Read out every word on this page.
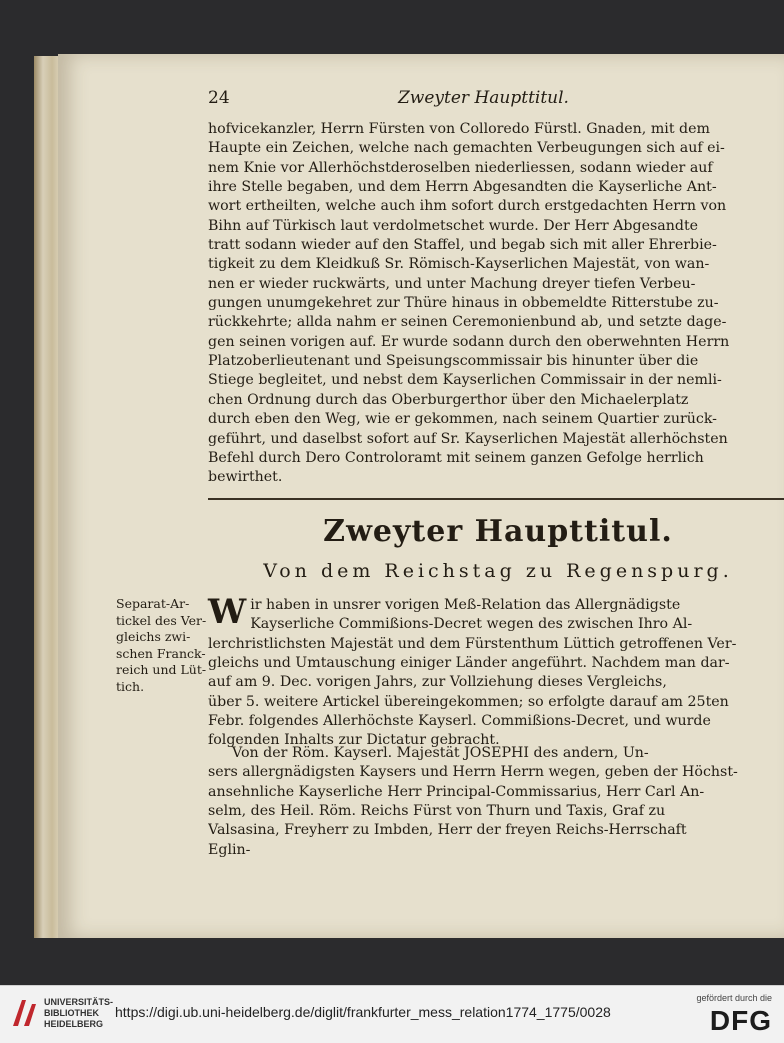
24	Zweyter Haupttitul.
hofvicekanzler, Herrn Fürsten von Colloredo Fürstl. Gnaden, mit dem
Haupte ein Zeichen, welche nach gemachten Verbeugungen sich auf ei-
nem Knie vor Allerhöchstderoselben niederliessen, sodann wieder auf
ihre Stelle begaben, und dem Herrn Abgesandten die Kayserliche Ant-
wort ertheilten, welche auch ihm sofort durch erstgedachten Herrn von
Bihn auf Türkisch laut verdolmetschet wurde. Der Herr Abgesandte
tratt sodann wieder auf den Staffel, und begab sich mit aller Ehrerbie-
tigkeit zu dem Kleidkuß Sr. Römisch-Kayserlichen Majestät, von wan-
nen er wieder ruckwärts, und unter Machung dreyer tiefen Verbeu-
gungen unumgekehret zur Thüre hinaus in obbemeldte Ritterstube zu-
rückkehrte; allda nahm er seinen Ceremonienbund ab, und setzte dage-
gen seinen vorigen auf. Er wurde sodann durch den oberwehnten Herrn
Platzoberlieutenant und Speisungscommissair bis hinunter über die
Stiege begleitet, und nebst dem Kayserlichen Commissair in der nemli-
chen Ordnung durch das Oberburgerthor über den Michaelerplatz
durch eben den Weg, wie er gekommen, nach seinem Quartier zurück-
geführt, und daselbst sofort auf Sr. Kayserlichen Majestät allerhöchsten
Befehl durch Dero Controloramt mit seinem ganzen Gefolge herrlich
bewirthet.
Zweyter Haupttitul.
Von dem Reichstag zu Regenspurg.
Separat-Ar-
tickel des Ver-
gleichs zwi-
schen Franck-
reich und Lüt-
tich.
W ir haben in unsrer vorigen Meß-Relation das Allergnädigste
Kayserliche Commißions-Decret wegen des zwischen Ihro Al-
lerchristlichsten Majestät und dem Fürstenthum Lüttich getroffenen Ver-
gleichs und Umtauschung einiger Länder angeführt. Nachdem man dar-
auf am 9. Dec. vorigen Jahrs, zur Vollziehung dieses Vergleichs,
über 5. weitere Artickel übereingekommen; so erfolgte darauf am 25ten
Febr. folgendes Allerhöchste Kayserl. Commißions-Decret, und wurde
folgenden Inhalts zur Dictatur gebracht.
Von der Röm. Kayserl. Majestät JOSEPHI des andern, Un-
sers allergnädigsten Kaysers und Herrn Herrn wegen, geben der Höchst-
ansehnliche Kayserliche Herr Principal-Commissarius, Herr Carl An-
selm, des Heil. Röm. Reichs Fürst von Thurn und Taxis, Graf zu
Valsasina, Freyherr zu Imbden, Herr der freyen Reichs-Herrschaft
Eglin-
UNIVERSITÄTS-
BIBLIOTHEK
HEIDELBERG
https://digi.ub.uni-heidelberg.de/diglit/frankfurter_mess_relation1774_1775/0028
gefördert durch die
DFG
